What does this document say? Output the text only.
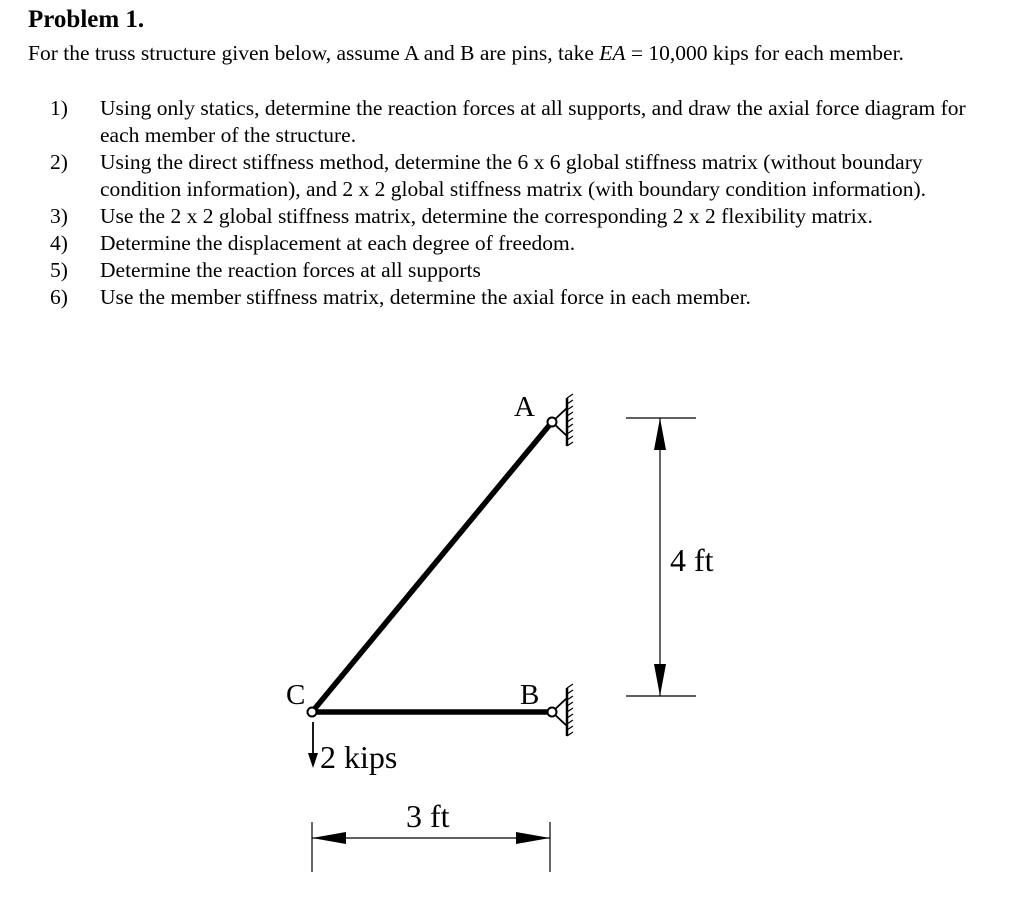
Problem 1.

For the truss structure given below, assume A and B are pins, take EA = 10,000 kips for each member.

1)	Using only statics, determine the reaction forces at all supports, and draw the axial force diagram for each member of the structure.
2)	Using the direct stiffness method, determine the 6 x 6 global stiffness matrix (without boundary condition information), and 2 x 2 global stiffness matrix (with boundary condition information).
3)	Use the 2 x 2 global stiffness matrix, determine the corresponding 2 x 2 flexibility matrix.
4)	Determine the displacement at each degree of freedom.
5)	Determine the reaction forces at all supports
6)	Use the member stiffness matrix, determine the axial force in each member.
A
B
C
2 kips
3 ft
4 ft
